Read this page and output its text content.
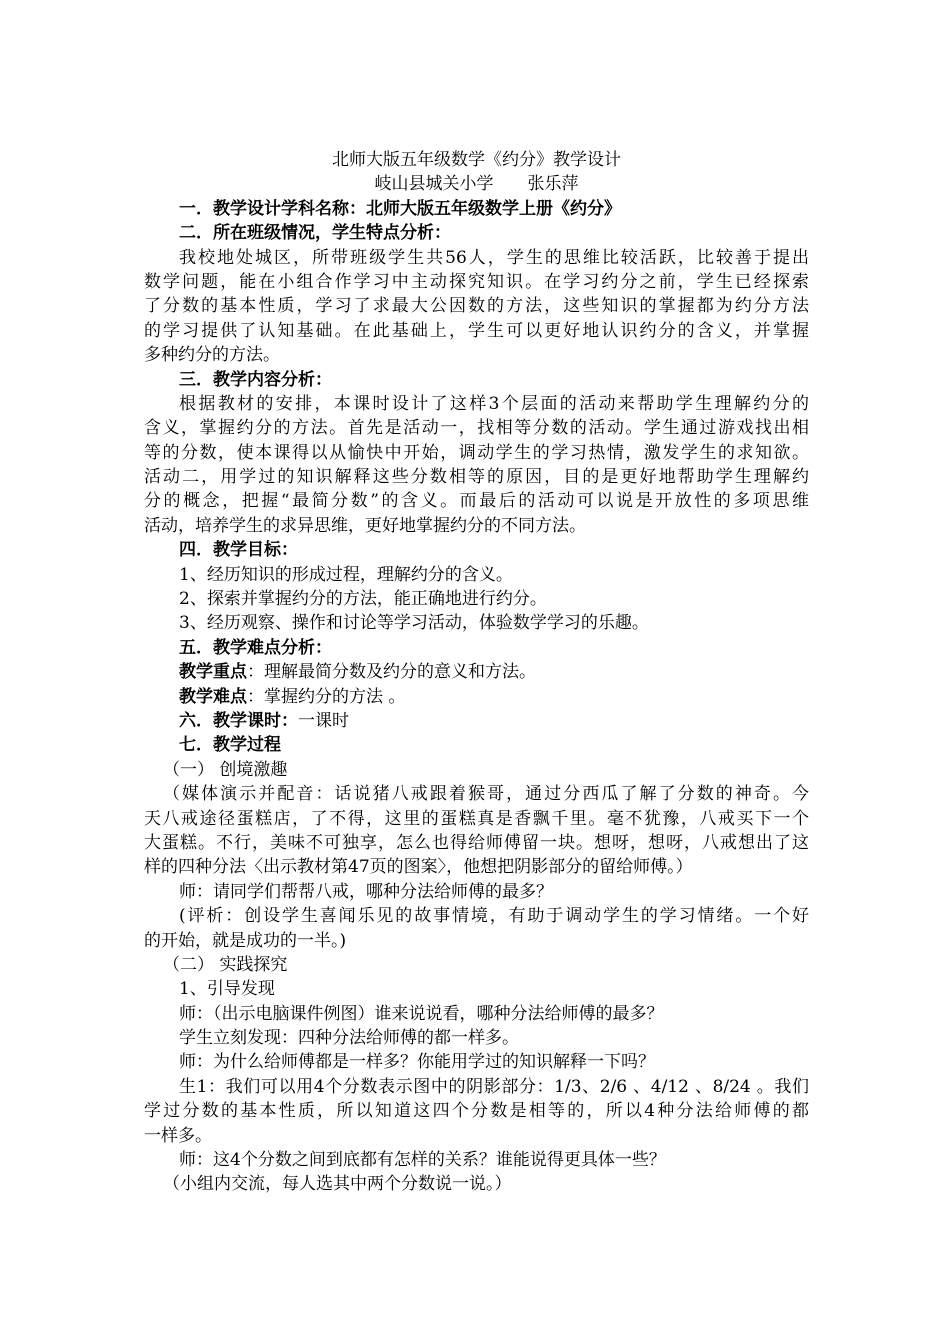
北师大版五年级数学《约分》教学设计
岐山县城关小学　　张乐萍
一．教学设计学科名称：北师大版五年级数学上册《约分》
二．所在班级情况，学生特点分析：
我校地处城区，所带班级学生共56人，学生的思维比较活跃，比较善于提出
数学问题，能在小组合作学习中主动探究知识。在学习约分之前，学生已经探索
了分数的基本性质，学习了求最大公因数的方法，这些知识的掌握都为约分方法
的学习提供了认知基础。在此基础上，学生可以更好地认识约分的含义，并掌握
多种约分的方法。
三．教学内容分析：
根据教材的安排，本课时设计了这样3个层面的活动来帮助学生理解约分的
含义，掌握约分的方法。首先是活动一，找相等分数的活动。学生通过游戏找出相
等的分数，使本课得以从愉快中开始，调动学生的学习热情，激发学生的求知欲。
活动二，用学过的知识解释这些分数相等的原因，目的是更好地帮助学生理解约
分的概念，把握“最简分数”的含义。而最后的活动可以说是开放性的多项思维
活动，培养学生的求异思维，更好地掌握约分的不同方法。
四．教学目标：
1、经历知识的形成过程，理解约分的含义。
2、探索并掌握约分的方法，能正确地进行约分。
3、经历观察、操作和讨论等学习活动，体验数学学习的乐趣。
五．教学难点分析：
教学重点：理解最简分数及约分的意义和方法。
教学难点：掌握约分的方法 。
六．教学课时：一课时
七．教学过程
（一） 创境激趣
（媒体演示并配音：话说猪八戒跟着猴哥，通过分西瓜了解了分数的神奇。今
天八戒途径蛋糕店，了不得，这里的蛋糕真是香飘千里。毫不犹豫，八戒买下一个
大蛋糕。不行，美味不可独享，怎么也得给师傅留一块。想呀，想呀，八戒想出了这
样的四种分法〈出示教材第47页的图案〉，他想把阴影部分的留给师傅。）
师：请同学们帮帮八戒，哪种分法给师傅的最多？
(评析：创设学生喜闻乐见的故事情境，有助于调动学生的学习情绪。一个好
的开始，就是成功的一半。)
（二） 实践探究
1、引导发现
师：（出示电脑课件例图）谁来说说看，哪种分法给师傅的最多？
学生立刻发现：四种分法给师傅的都一样多。
师：为什么给师傅都是一样多？你能用学过的知识解释一下吗？
生1：我们可以用4个分数表示图中的阴影部分：1/3、2/6 、4/12 、8/24 。我们
学过分数的基本性质，所以知道这四个分数是相等的，所以4种分法给师傅的都
一样多。
师：这4个分数之间到底都有怎样的关系？谁能说得更具体一些？
（小组内交流，每人选其中两个分数说一说。）
